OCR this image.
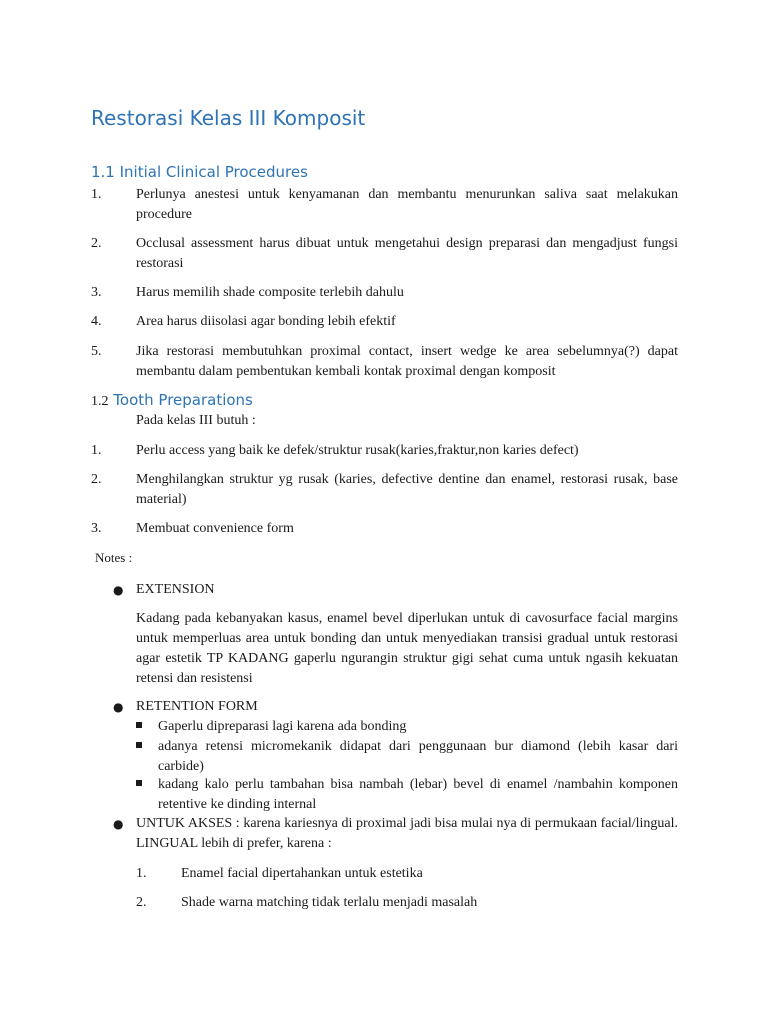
Restorasi Kelas III Komposit
1.1 Initial Clinical Procedures
1. Perlunya anestesi untuk kenyamanan dan membantu menurunkan saliva saat melakukan procedure
2. Occlusal assessment harus dibuat untuk mengetahui design preparasi dan mengadjust fungsi restorasi
3. Harus memilih shade composite terlebih dahulu
4. Area harus diisolasi agar bonding lebih efektif
5. Jika restorasi membutuhkan proximal contact, insert wedge ke area sebelumnya(?) dapat membantu dalam pembentukan kembali kontak proximal dengan komposit
1.2 Tooth Preparations
Pada kelas III butuh :
1. Perlu access yang baik ke defek/struktur rusak(karies,fraktur,non karies defect)
2. Menghilangkan struktur yg rusak (karies, defective dentine dan enamel, restorasi rusak, base material)
3. Membuat convenience form
Notes :
● EXTENSION
Kadang pada kebanyakan kasus, enamel bevel diperlukan untuk di cavosurface facial margins untuk memperluas area untuk bonding dan untuk menyediakan transisi gradual untuk restorasi agar estetik TP KADANG gaperlu ngurangin struktur gigi sehat cuma untuk ngasih kekuatan retensi dan resistensi
● RETENTION FORM
Gaperlu dipreparasi lagi karena ada bonding
adanya retensi micromekanik didapat dari penggunaan bur diamond (lebih kasar dari carbide)
kadang kalo perlu tambahan bisa nambah (lebar) bevel di enamel /nambahin komponen retentive ke dinding internal
● UNTUK AKSES : karena kariesnya di proximal jadi bisa mulai nya di permukaan facial/lingual. LINGUAL lebih di prefer, karena :
1. Enamel facial dipertahankan untuk estetika
2. Shade warna matching tidak terlalu menjadi masalah
